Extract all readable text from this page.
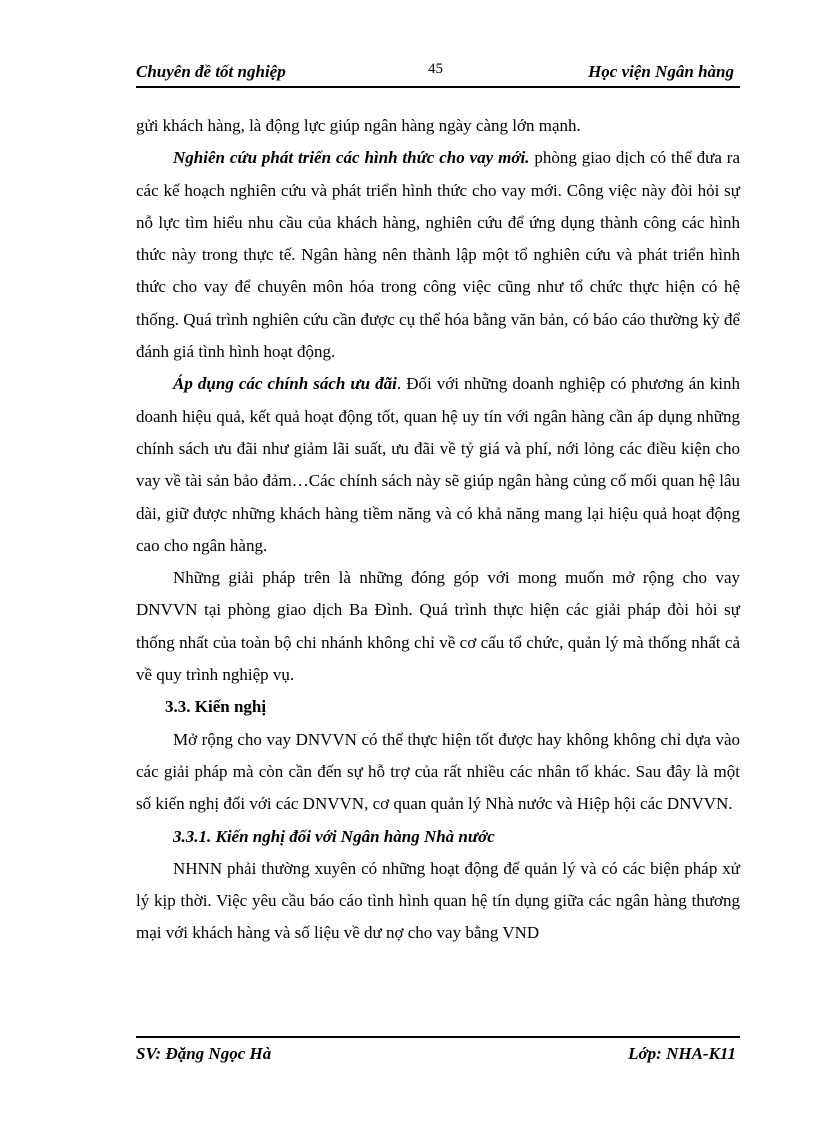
Chuyên đề tốt nghiệp	45	Học viện Ngân hàng

gửi khách hàng, là động lực giúp ngân hàng ngày càng lớn mạnh.

Nghiên cứu phát triển các hình thức cho vay mới. phòng giao dịch có thể đưa ra các kế hoạch nghiên cứu và phát triển hình thức cho vay mới. Công việc này đòi hỏi sự nỗ lực tìm hiểu nhu cầu của khách hàng, nghiên cứu để ứng dụng thành công các hình thức này trong thực tế. Ngân hàng nên thành lập một tổ nghiên cứu và phát triển hình thức cho vay để chuyên môn hóa trong công việc cũng như tổ chức thực hiện có hệ thống. Quá trình nghiên cứu cần được cụ thể hóa bằng văn bản, có báo cáo thường kỳ để đánh giá tình hình hoạt động.

Áp dụng các chính sách ưu đãi. Đối với những doanh nghiệp có phương án kinh doanh hiệu quả, kết quả hoạt động tốt, quan hệ uy tín với ngân hàng cần áp dụng những chính sách ưu đãi như giảm lãi suất, ưu đãi về tỷ giá và phí, nới lỏng các điều kiện cho vay về tài sản bảo đảm…Các chính sách này sẽ giúp ngân hàng củng cố mối quan hệ lâu dài, giữ được những khách hàng tiềm năng và có khả năng mang lại hiệu quả hoạt động cao cho ngân hàng.

Những giải pháp trên là những đóng góp với mong muốn mở rộng cho vay DNVVN tại phòng giao dịch Ba Đình. Quá trình thực hiện các giải pháp đòi hỏi sự thống nhất của toàn bộ chi nhánh không chỉ về cơ cấu tổ chức, quản lý mà thống nhất cả về quy trình nghiệp vụ.

3.3. Kiến nghị

Mở rộng cho vay DNVVN có thể thực hiện tốt được hay không không chỉ dựa vào các giải pháp mà còn cần đến sự hỗ trợ của rất nhiều các nhân tố khác. Sau đây là một số kiến nghị đối với các DNVVN, cơ quan quản lý Nhà nước và Hiệp hội các DNVVN.

3.3.1. Kiến nghị đối với Ngân hàng Nhà nước

NHNN phải thường xuyên có những hoạt động để quản lý và có các biện pháp xử lý kịp thời. Việc yêu cầu báo cáo tình hình quan hệ tín dụng giữa các ngân hàng thương mại với khách hàng và số liệu về dư nợ cho vay bằng VND

SV: Đặng Ngọc Hà	Lớp: NHA-K11
